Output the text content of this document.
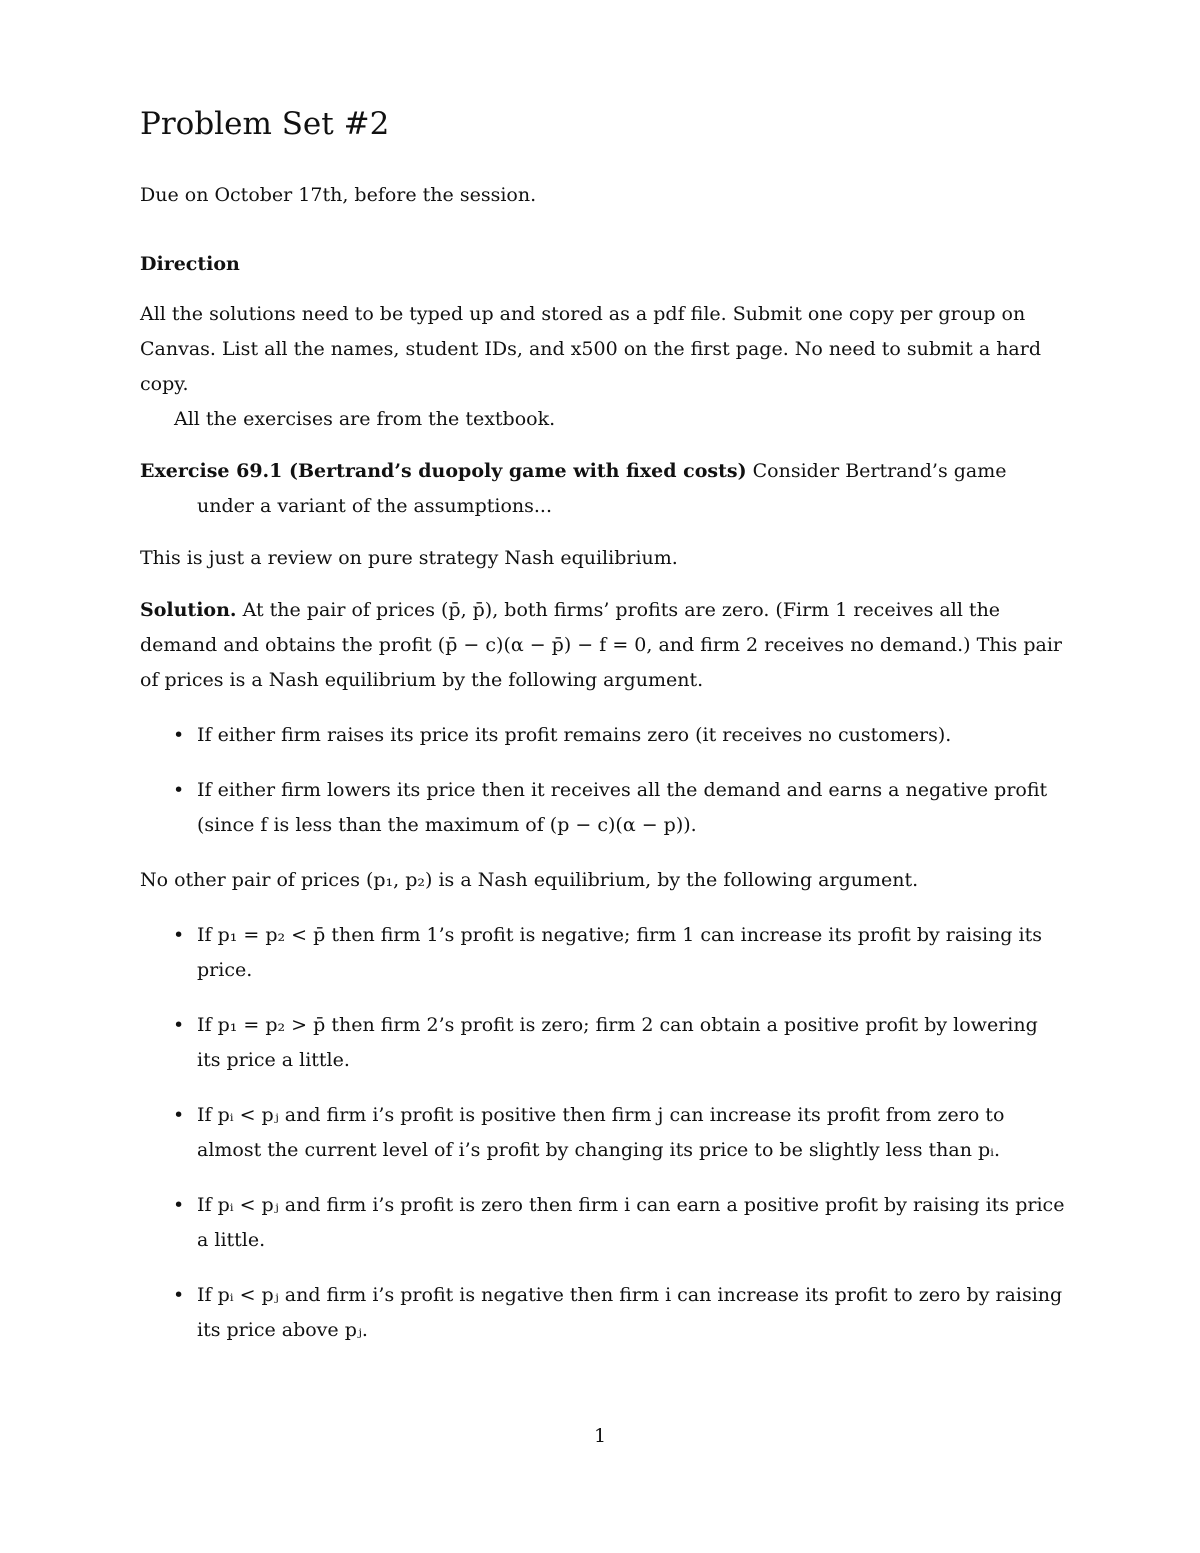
Problem Set #2

Due on October 17th, before the session.

Direction

All the solutions need to be typed up and stored as a pdf file. Submit one copy per group on Canvas. List all the names, student IDs, and x500 on the first page. No need to submit a hard copy.

All the exercises are from the textbook.

Exercise 69.1 (Bertrand’s duopoly game with fixed costs) Consider Bertrand’s game under a variant of the assumptions...

This is just a review on pure strategy Nash equilibrium.

Solution. At the pair of prices (p̄, p̄), both firms’ profits are zero. (Firm 1 receives all the demand and obtains the profit (p̄ − c)(α − p̄) − f = 0, and firm 2 receives no demand.) This pair of prices is a Nash equilibrium by the following argument.

• If either firm raises its price its profit remains zero (it receives no customers).
• If either firm lowers its price then it receives all the demand and earns a negative profit (since f is less than the maximum of (p − c)(α − p)).

No other pair of prices (p₁, p₂) is a Nash equilibrium, by the following argument.

• If p₁ = p₂ < p̄ then firm 1’s profit is negative; firm 1 can increase its profit by raising its price.
• If p₁ = p₂ > p̄ then firm 2’s profit is zero; firm 2 can obtain a positive profit by lowering its price a little.
• If pᵢ < pⱼ and firm i’s profit is positive then firm j can increase its profit from zero to almost the current level of i’s profit by changing its price to be slightly less than pᵢ.
• If pᵢ < pⱼ and firm i’s profit is zero then firm i can earn a positive profit by raising its price a little.
• If pᵢ < pⱼ and firm i’s profit is negative then firm i can increase its profit to zero by raising its price above pⱼ.
1
